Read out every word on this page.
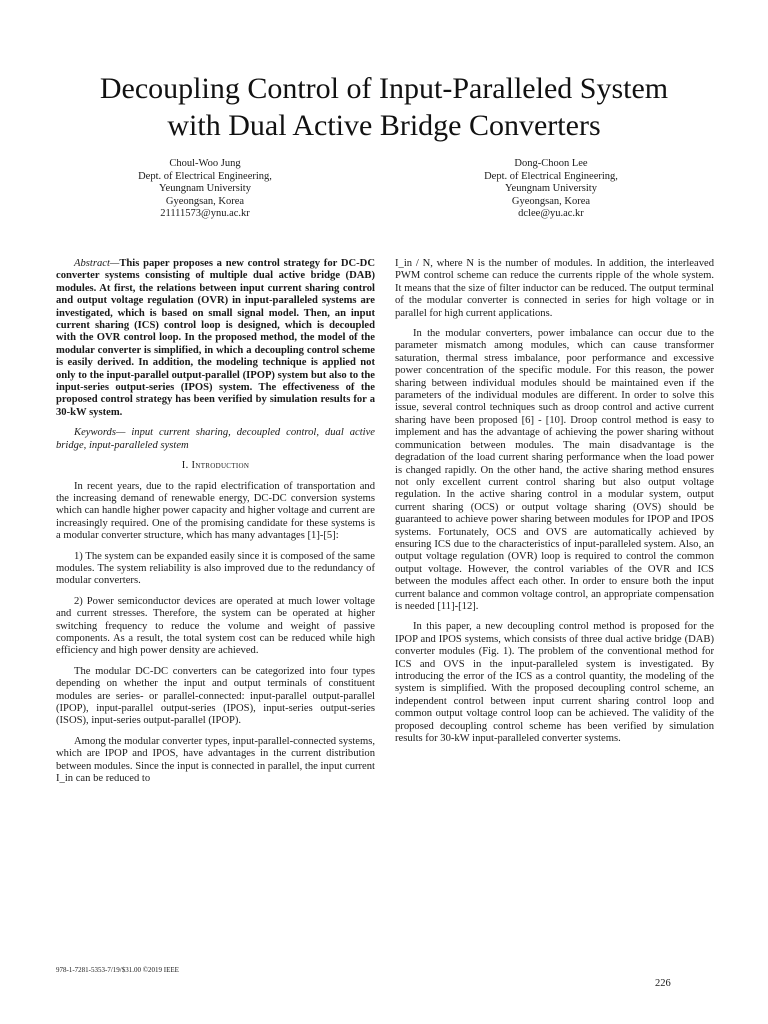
Decoupling Control of Input-Paralleled System
with Dual Active Bridge Converters
Choul-Woo Jung
Dept. of Electrical Engineering,
Yeungnam University
Gyeongsan, Korea
21111573@ynu.ac.kr
Dong-Choon Lee
Dept. of Electrical Engineering,
Yeungnam University
Gyeongsan, Korea
dclee@yu.ac.kr

Abstract—This paper proposes a new control strategy for DC-DC converter systems consisting of multiple dual active bridge (DAB) modules. At first, the relations between input current sharing control and output voltage regulation (OVR) in input-paralleled systems are investigated, which is based on small signal model. Then, an input current sharing (ICS) control loop is designed, which is decoupled with the OVR control loop. In the proposed method, the model of the modular converter is simplified, in which a decoupling control scheme is easily derived. In addition, the modeling technique is applied not only to the input-parallel output-parallel (IPOP) system but also to the input-series output-series (IPOS) system. The effectiveness of the proposed control strategy has been verified by simulation results for a 30-kW system.

Keywords— input current sharing, decoupled control, dual active bridge, input-paralleled system

I. Introduction

In recent years, due to the rapid electrification of transportation and the increasing demand of renewable energy, DC-DC conversion systems which can handle higher power capacity and higher voltage and current are increasingly required. One of the promising candidate for these systems is a modular converter structure, which has many advantages [1]-[5]:

1) The system can be expanded easily since it is composed of the same modules. The system reliability is also improved due to the redundancy of modular converters.

2) Power semiconductor devices are operated at much lower voltage and current stresses. Therefore, the system can be operated at higher switching frequency to reduce the volume and weight of passive components. As a result, the total system cost can be reduced while high efficiency and high power density are achieved.

The modular DC-DC converters can be categorized into four types depending on whether the input and output terminals of constituent modules are series- or parallel-connected: input-parallel output-parallel (IPOP), input-parallel output-series (IPOS), input-series output-series (ISOS), input-series output-parallel (IPOP).

Among the modular converter types, input-parallel-connected systems, which are IPOP and IPOS, have advantages in the current distribution between modules. Since the input is connected in parallel, the input current I_in can be reduced to

I_in / N, where N is the number of modules. In addition, the interleaved PWM control scheme can reduce the currents ripple of the whole system. It means that the size of filter inductor can be reduced. The output terminal of the modular converter is connected in series for high voltage or in parallel for high current applications.

In the modular converters, power imbalance can occur due to the parameter mismatch among modules, which can cause transformer saturation, thermal stress imbalance, poor performance and excessive power concentration of the specific module. For this reason, the power sharing between individual modules should be maintained even if the parameters of the individual modules are different. In order to solve this issue, several control techniques such as droop control and active current sharing have been proposed [6] - [10]. Droop control method is easy to implement and has the advantage of achieving the power sharing without communication between modules. The main disadvantage is the degradation of the load current sharing performance when the load power is changed rapidly. On the other hand, the active sharing method ensures not only excellent current control sharing but also output voltage regulation. In the active sharing control in a modular system, output current sharing (OCS) or output voltage sharing (OVS) should be guaranteed to achieve power sharing between modules for IPOP and IPOS systems. Fortunately, OCS and OVS are automatically achieved by ensuring ICS due to the characteristics of input-paralleled system. Also, an output voltage regulation (OVR) loop is required to control the common output voltage. However, the control variables of the OVR and ICS between the modules affect each other. In order to ensure both the input current balance and common voltage control, an appropriate compensation is needed [11]-[12].

In this paper, a new decoupling control method is proposed for the IPOP and IPOS systems, which consists of three dual active bridge (DAB) converter modules (Fig. 1). The problem of the conventional method for ICS and OVS in the input-paralleled system is investigated. By introducing the error of the ICS as a control quantity, the modeling of the system is simplified. With the proposed decoupling control scheme, an independent control between input current sharing control loop and common output voltage control loop can be achieved. The validity of the proposed decoupling control scheme has been verified by simulation results for 30-kW input-paralleled converter systems.

978-1-7281-5353-7/19/$31.00 ©2019 IEEE
226
